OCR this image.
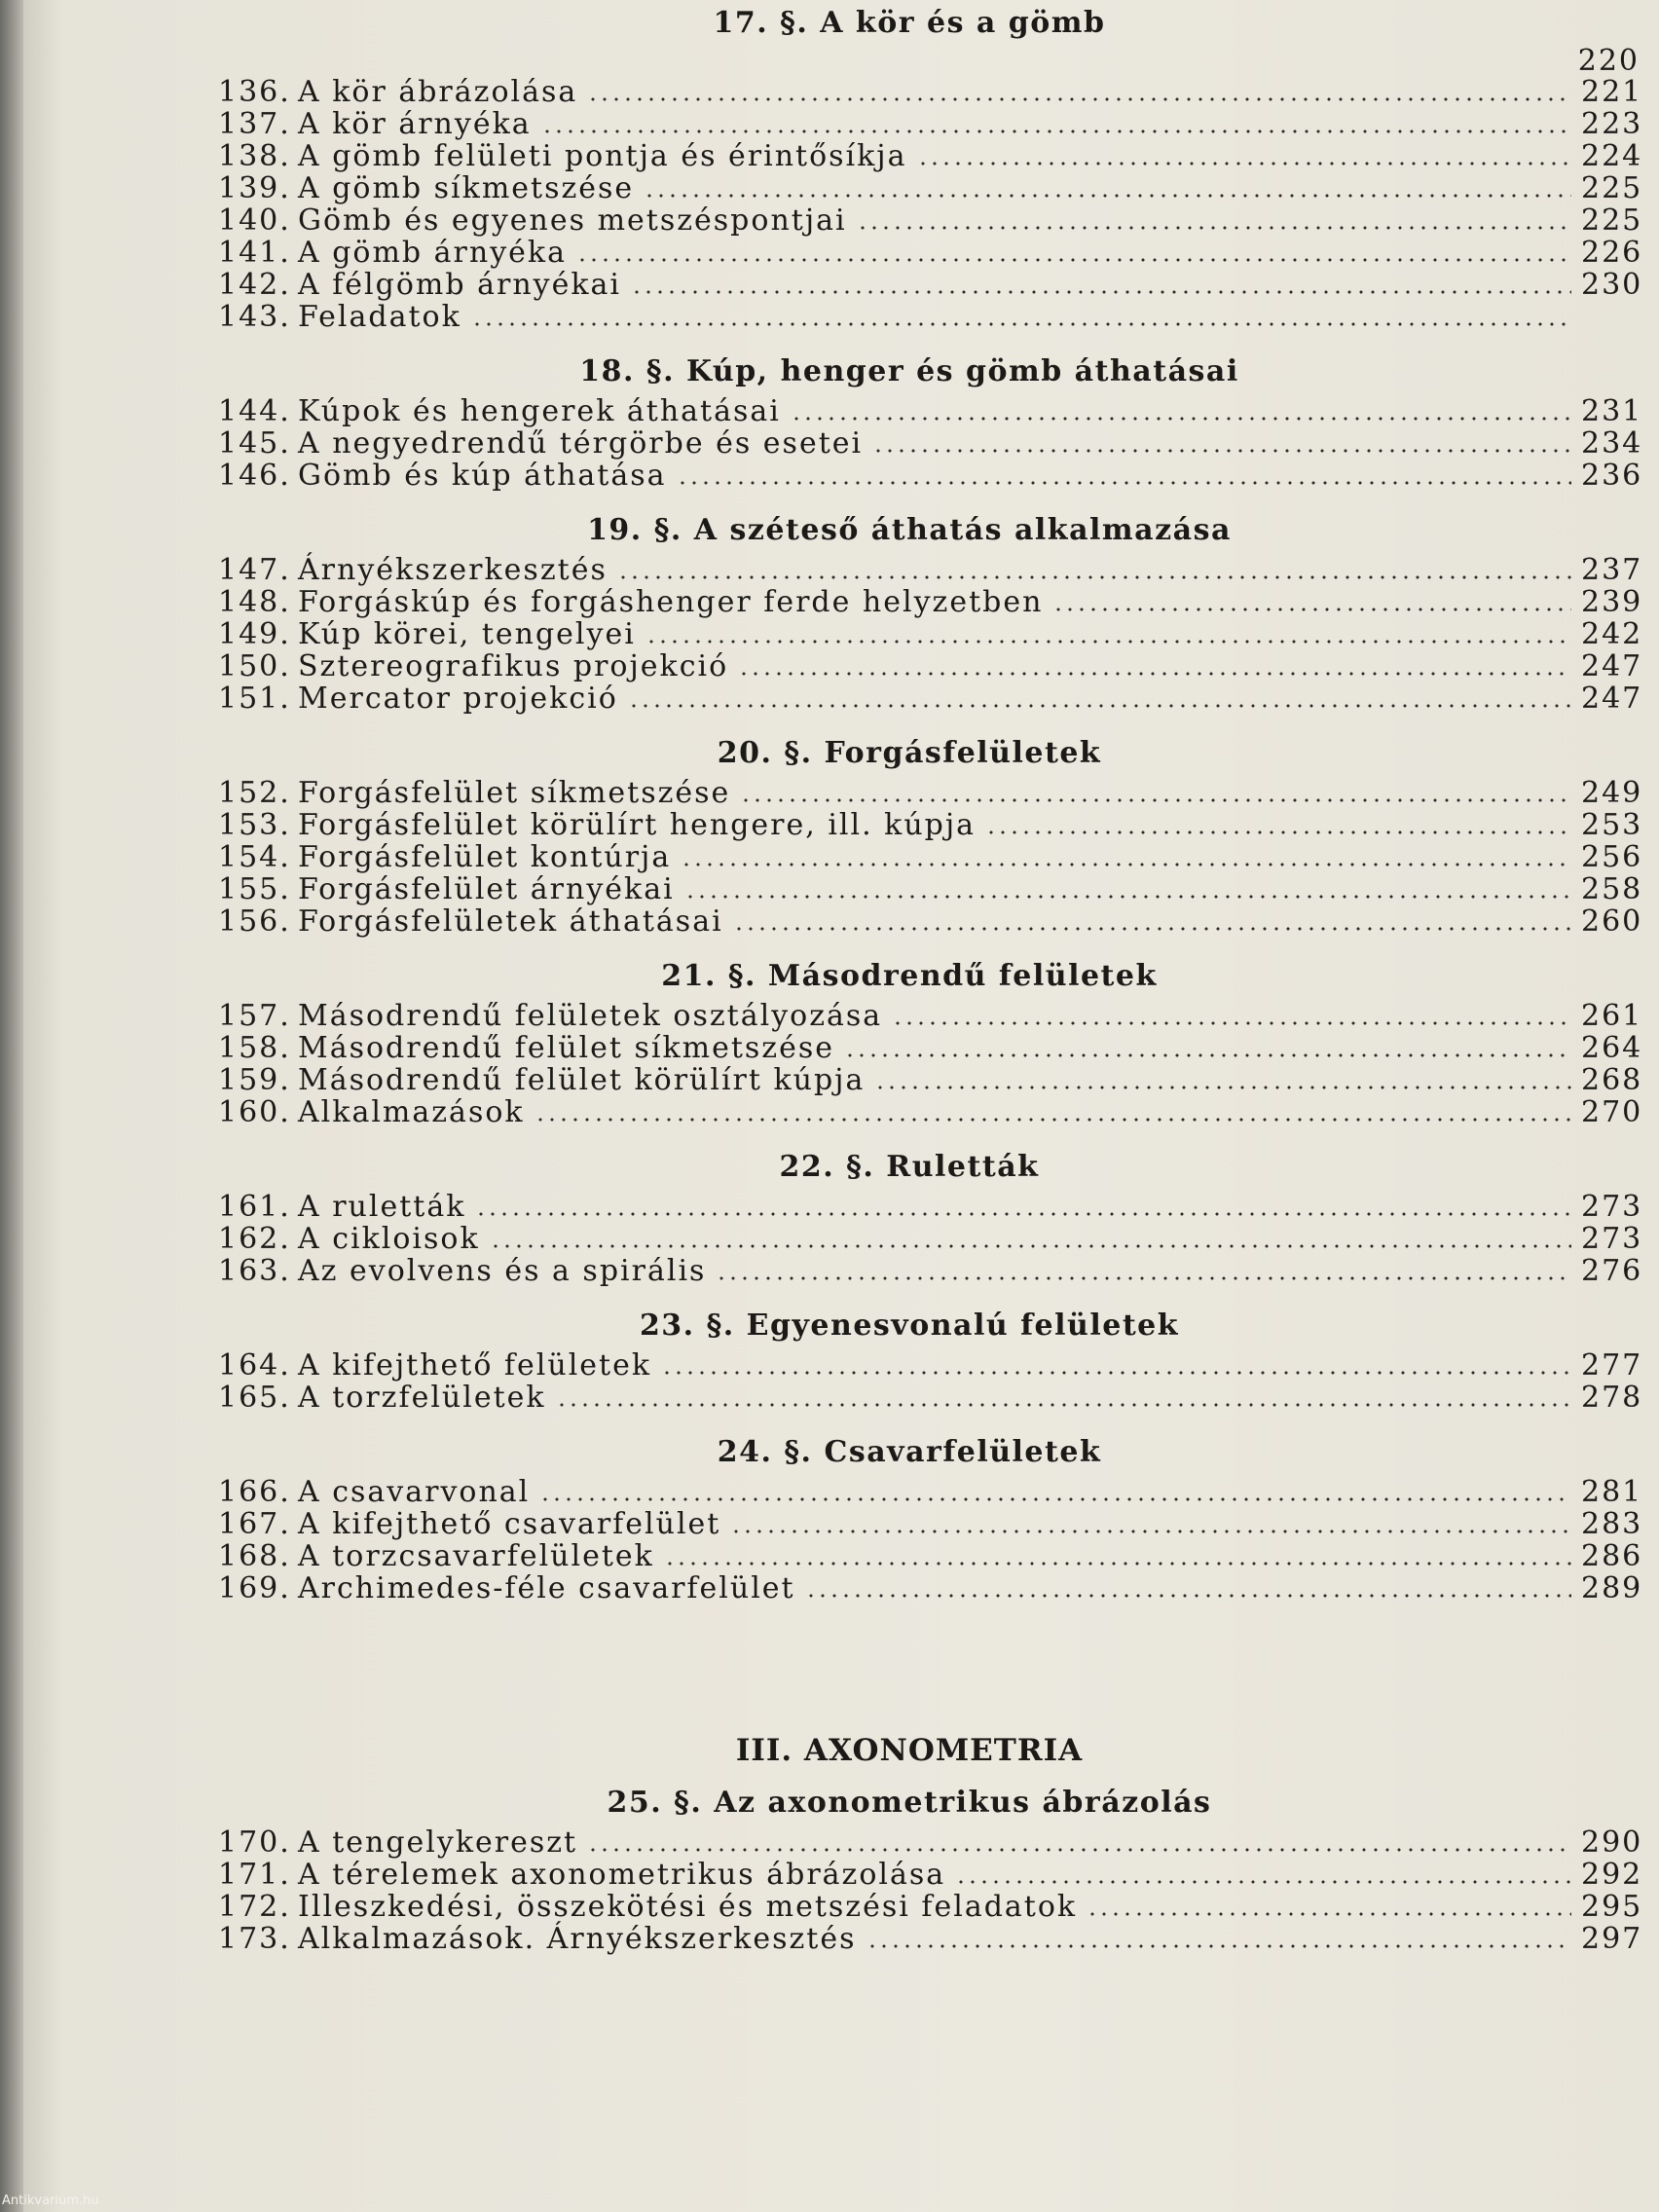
17. §. A kör és a gömb
220
136. A kör ábrázolása	221
137. A kör árnyéka	223
138. A gömb felületi pontja és érintősíkja	224
139. A gömb síkmetszése	225
140. Gömb és egyenes metszéspontjai	225
141. A gömb árnyéka	226
142. A félgömb árnyékai	230
143. Feladatok
18. §. Kúp, henger és gömb áthatásai
144. Kúpok és hengerek áthatásai	231
145. A negyedrendű térgörbe és esetei	234
146. Gömb és kúp áthatása	236
19. §. A széteső áthatás alkalmazása
147. Árnyékszerkesztés	237
148. Forgáskúp és forgáshenger ferde helyzetben	239
149. Kúp körei, tengelyei	242
150. Sztereografikus projekció	247
151. Mercator projekció	247
20. §. Forgásfelületek
152. Forgásfelület síkmetszése	249
153. Forgásfelület körülírt hengere, ill. kúpja	253
154. Forgásfelület kontúrja	256
155. Forgásfelület árnyékai	258
156. Forgásfelületek áthatásai	260
21. §. Másodrendű felületek
157. Másodrendű felületek osztályozása	261
158. Másodrendű felület síkmetszése	264
159. Másodrendű felület körülírt kúpja	268
160. Alkalmazások	270
22. §. Ruletták
161. A ruletták	273
162. A cikloisok	273
163. Az evolvens és a spirális	276
23. §. Egyenesvonalú felületek
164. A kifejthető felületek	277
165. A torzfelületek	278
24. §. Csavarfelületek
166. A csavarvonal	281
167. A kifejthető csavarfelület	283
168. A torzcsavarfelületek	286
169. Archimedes-féle csavarfelület	289
III. AXONOMETRIA
25. §. Az axonometrikus ábrázolás
170. A tengelykereszt	290
171. A térelemek axonometrikus ábrázolása	292
172. Illeszkedési, összekötési és metszési feladatok	295
173. Alkalmazások. Árnyékszerkesztés	297
Antikvarium.hu
